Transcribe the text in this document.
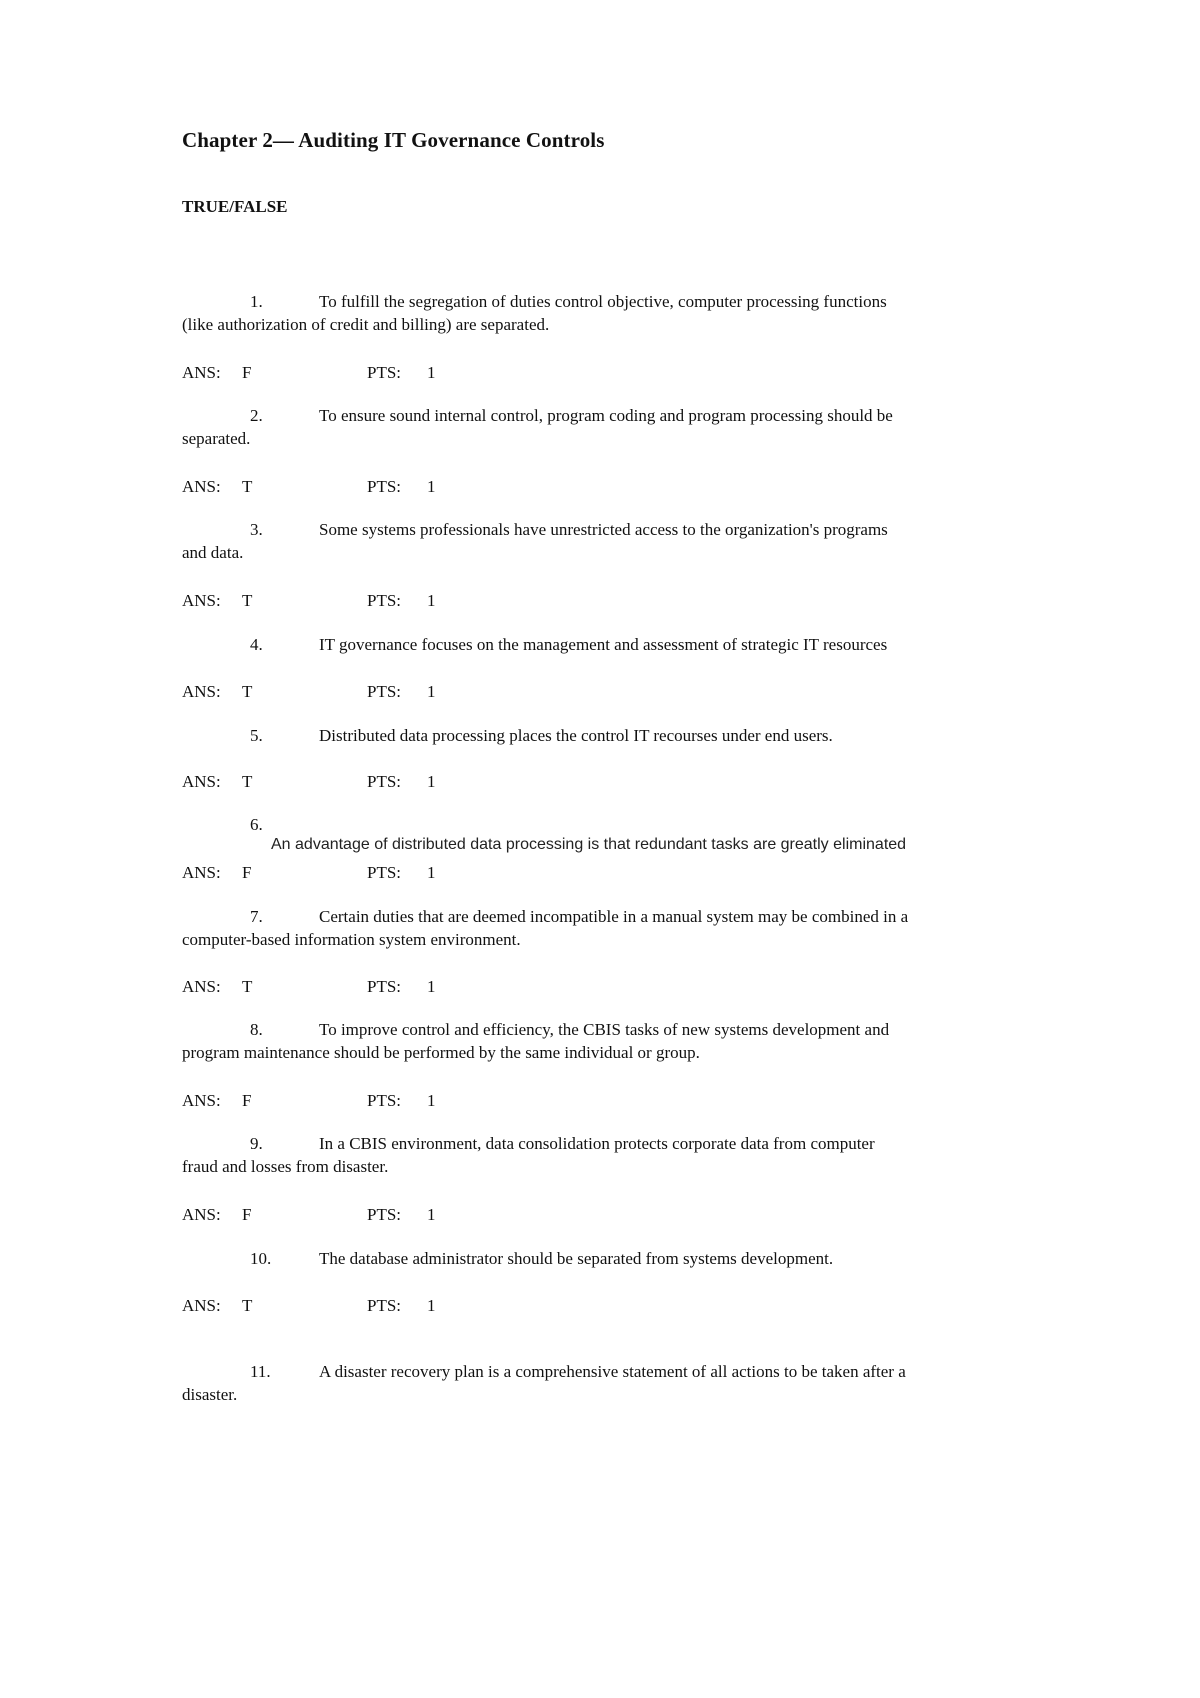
Chapter 2— Auditing IT Governance Controls
TRUE/FALSE
1.	To fulfill the segregation of duties control objective, computer processing functions
(like authorization of credit and billing) are separated.
ANS: F	PTS: 1
2.	To ensure sound internal control, program coding and program processing should be
separated.
ANS: T	PTS: 1
3.	Some systems professionals have unrestricted access to the organization's programs
and data.
ANS: T	PTS: 1
4.	IT governance focuses on the management and assessment of strategic IT resources
ANS: T	PTS: 1
5.	Distributed data processing places the control IT recourses under end users.
ANS: T	PTS: 1
6.
An advantage of distributed data processing is that redundant tasks are greatly eliminated
ANS: F	PTS: 1
7.	Certain duties that are deemed incompatible in a manual system may be combined in a
computer-based information system environment.
ANS: T	PTS: 1
8.	To improve control and efficiency, the CBIS tasks of new systems development and
program maintenance should be performed by the same individual or group.
ANS: F	PTS: 1
9.	In a CBIS environment, data consolidation protects corporate data from computer
fraud and losses from disaster.
ANS: F	PTS: 1
10.	The database administrator should be separated from systems development.
ANS: T	PTS: 1
11.	A disaster recovery plan is a comprehensive statement of all actions to be taken after a
disaster.
